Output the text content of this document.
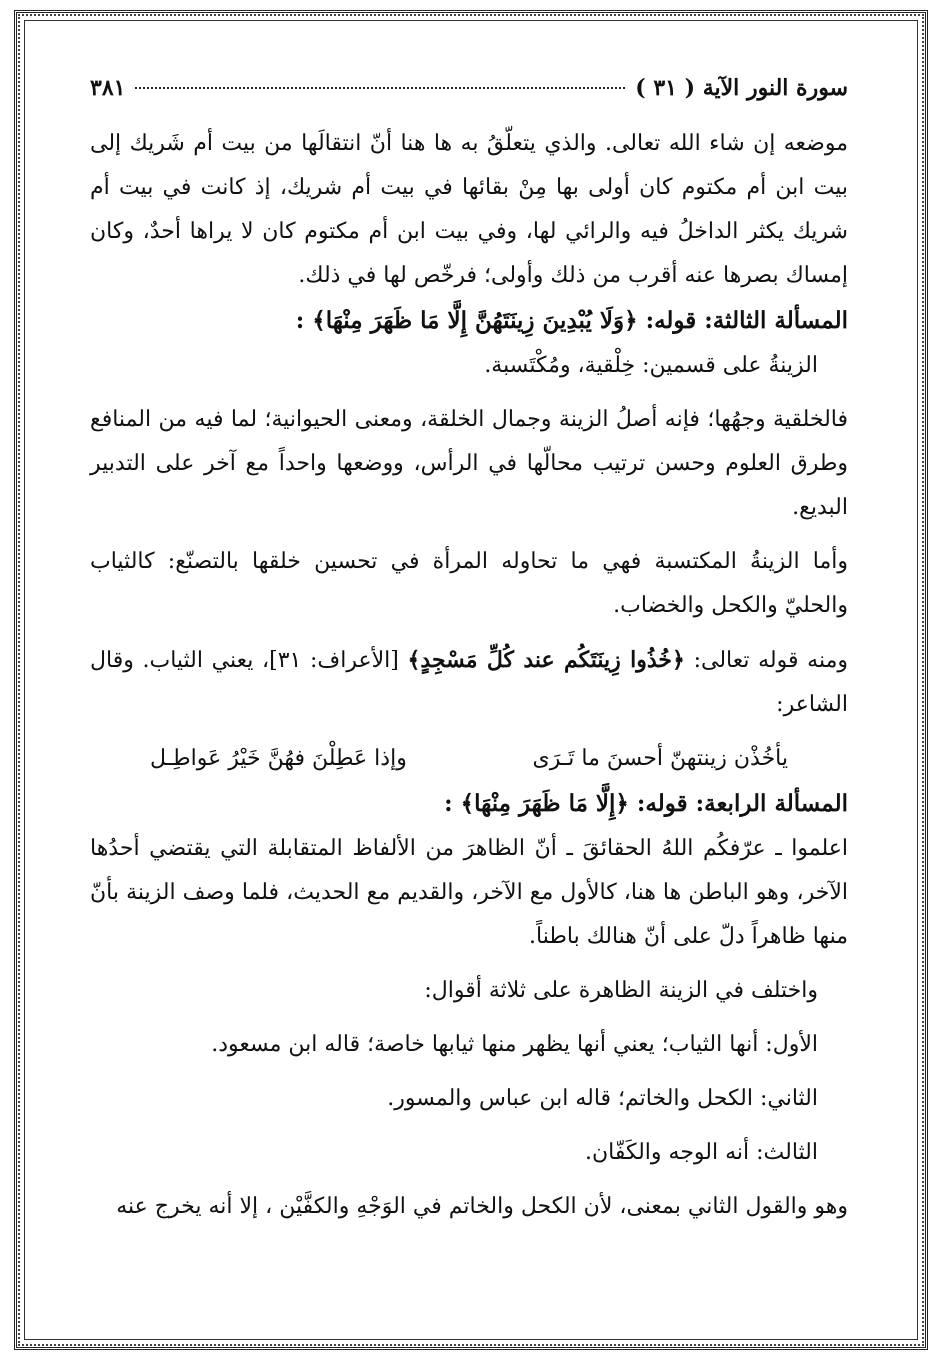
سورة النور الآية ( ٣١ )
٣٨١

موضعه إن شاء الله تعالى. والذي يتعلّقُ به ها هنا أنّ انتقالَها من بيت أم شَريك إلى بيت ابن أم مكتوم كان أولى بها مِنْ بقائها في بيت أم شريك، إذ كانت في بيت أم شريك يكثر الداخلُ فيه والرائي لها، وفي بيت ابن أم مكتوم كان لا يراها أحدٌ، وكان إمساك بصرها عنه أقرب من ذلك وأولى؛ فرخّص لها في ذلك.

المسألة الثالثة: قوله: ﴿وَلَا يُبْدِينَ زِينَتَهُنَّ إِلَّا مَا ظَهَرَ مِنْهَا﴾ :

الزينةُ على قسمين: خِلْقية، ومُكْتَسبة.

فالخلقية وجهُها؛ فإنه أصلُ الزينة وجمال الخلقة، ومعنى الحيوانية؛ لما فيه من المنافع وطرق العلوم وحسن ترتيب محالّها في الرأس، ووضعها واحداً مع آخر على التدبير البديع.

وأما الزينةُ المكتسبة فهي ما تحاوله المرأة في تحسين خلقها بالتصنّع: كالثياب والحليّ والكحل والخضاب.

ومنه قوله تعالى: ﴿خُذُوا زِينَتَكُم عند كُلِّ مَسْجِدٍ﴾ [الأعراف: ٣١]، يعني الثياب. وقال الشاعر:

يأخُذْن زينتهنّ أحسنَ ما تَـرَى
وإذا عَطِلْنَ فهُنَّ خَيْرُ عَواطِـل

المسألة الرابعة: قوله: ﴿إِلَّا مَا ظَهَرَ مِنْهَا﴾ :

اعلموا ـ عرّفكُم اللهُ الحقائقَ ـ أنّ الظاهرَ من الألفاظ المتقابلة التي يقتضي أحدُها الآخر، وهو الباطن ها هنا، كالأول مع الآخر، والقديم مع الحديث، فلما وصف الزينة بأنّ منها ظاهراً دلّ على أنّ هنالك باطناً.

واختلف في الزينة الظاهرة على ثلاثة أقوال:

الأول: أنها الثياب؛ يعني أنها يظهر منها ثيابها خاصة؛ قاله ابن مسعود.

الثاني: الكحل والخاتم؛ قاله ابن عباس والمسور.

الثالث: أنه الوجه والكَفّان.

وهو والقول الثاني بمعنى، لأن الكحل والخاتم في الوَجْهِ والكفَّيْن ، إلا أنه يخرج عنه
